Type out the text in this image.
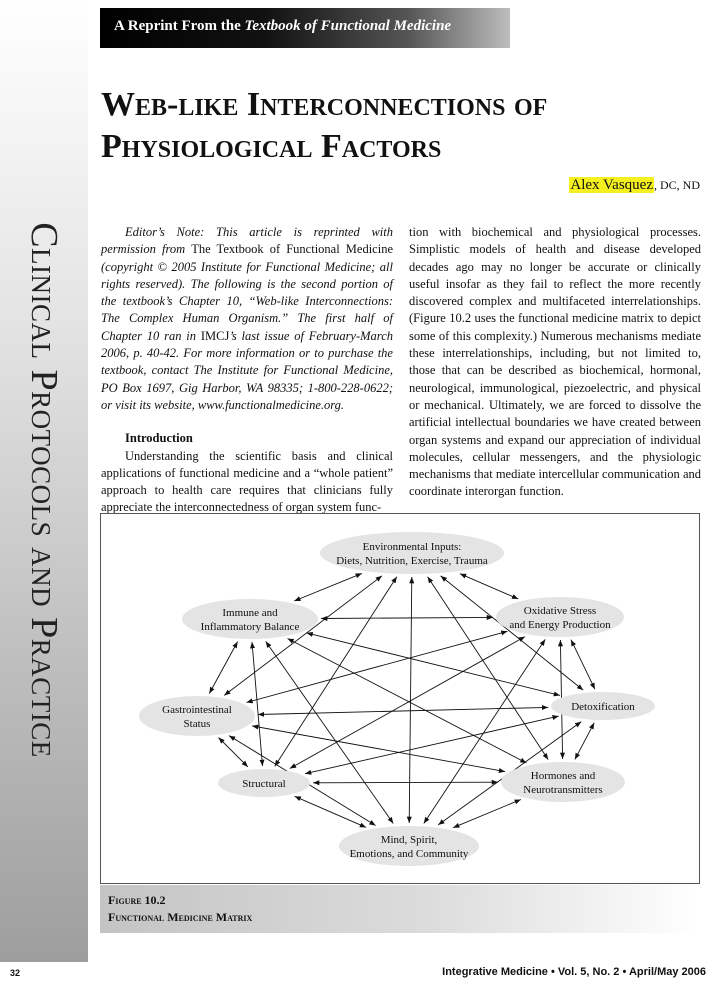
Clinical Protocols and Practice
A Reprint From the Textbook of Functional Medicine
Web-like Interconnections of
Physiological Factors
Alex Vasquez, DC, ND

Editor’s Note: This article is reprinted with permission from The Textbook of Functional Medicine (copyright © 2005 Institute for Functional Medicine; all rights reserved). The following is the second portion of the textbook’s Chapter 10, “Web-like Interconnections: The Complex Human Organism.” The first half of Chapter 10 ran in IMCJ’s last issue of February-March 2006, p. 40-42. For more information or to purchase the textbook, contact The Institute for Functional Medicine, PO Box 1697, Gig Harbor, WA 98335; 1-800-228-0622; or visit its website, www.functionalmedicine.org.

Introduction

Understanding the scientific basis and clinical applications of functional medicine and a “whole patient” approach to health care requires that clinicians fully appreciate the interconnectedness of organ system func-

tion with biochemical and physiological processes. Simplistic models of health and disease developed decades ago may no longer be accurate or clinically useful insofar as they fail to reflect the more recently discovered complex and multifaceted interrelationships. (Figure 10.2 uses the functional medicine matrix to depict some of this complexity.) Numerous mechanisms mediate these interrelationships, including, but not limited to, those that can be described as biochemical, hormonal, neurological, immunological, piezoelectric, and physical or mechanical. Ultimately, we are forced to dissolve the artificial intellectual boundaries we have created between organ systems and expand our appreciation of individual molecules, cellular messengers, and the physiologic mechanisms that mediate intercellular communication and coordinate interorgan function.

Environmental Inputs:
Diets, Nutrition, Exercise, Trauma
Oxidative Stress
and Energy Production
Detoxification
Hormones and
Neurotransmitters
Mind, Spirit,
Emotions, and Community
Structural
Gastrointestinal
Status
Immune and
Inflammatory Balance
Figure 10.2
Functional Medicine Matrix
32	Integrative Medicine • Vol. 5, No. 2 • April/May 2006
